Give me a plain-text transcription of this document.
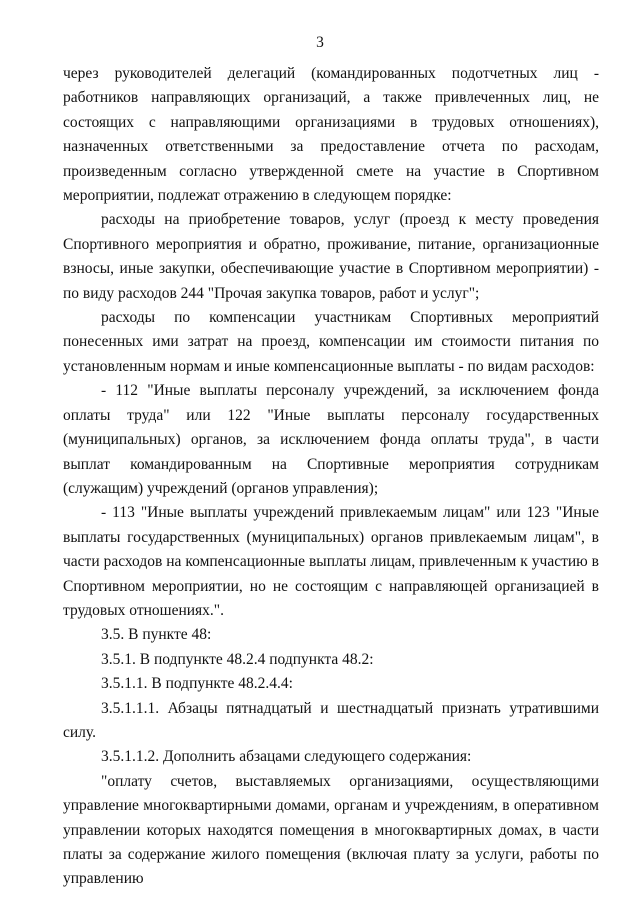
3

через руководителей делегаций (командированных подотчетных лиц - работников направляющих организаций, а также привлеченных лиц, не состоящих с направляющими организациями в трудовых отношениях), назначенных ответственными за предоставление отчета по расходам, произведенным согласно утвержденной смете на участие в Спортивном мероприятии, подлежат отражению в следующем порядке:

расходы на приобретение товаров, услуг (проезд к месту проведения Спортивного мероприятия и обратно, проживание, питание, организационные взносы, иные закупки, обеспечивающие участие в Спортивном мероприятии) - по виду расходов 244 "Прочая закупка товаров, работ и услуг";

расходы по компенсации участникам Спортивных мероприятий понесенных ими затрат на проезд, компенсации им стоимости питания по установленным нормам и иные компенсационные выплаты - по видам расходов:

- 112 "Иные выплаты персоналу учреждений, за исключением фонда оплаты труда" или 122 "Иные выплаты персоналу государственных (муниципальных) органов, за исключением фонда оплаты труда", в части выплат командированным на Спортивные мероприятия сотрудникам (служащим) учреждений (органов управления);

- 113 "Иные выплаты учреждений привлекаемым лицам" или 123 "Иные выплаты государственных (муниципальных) органов привлекаемым лицам", в части расходов на компенсационные выплаты лицам, привлеченным к участию в Спортивном мероприятии, но не состоящим с направляющей организацией в трудовых отношениях.".

3.5. В пункте 48:

3.5.1. В подпункте 48.2.4 подпункта 48.2:

3.5.1.1. В подпункте 48.2.4.4:

3.5.1.1.1. Абзацы пятнадцатый и шестнадцатый признать утратившими силу.

3.5.1.1.2. Дополнить абзацами следующего содержания:

"оплату счетов, выставляемых организациями, осуществляющими управление многоквартирными домами, органам и учреждениям, в оперативном управлении которых находятся помещения в многоквартирных домах, в части платы за содержание жилого помещения (включая плату за услуги, работы по управлению
